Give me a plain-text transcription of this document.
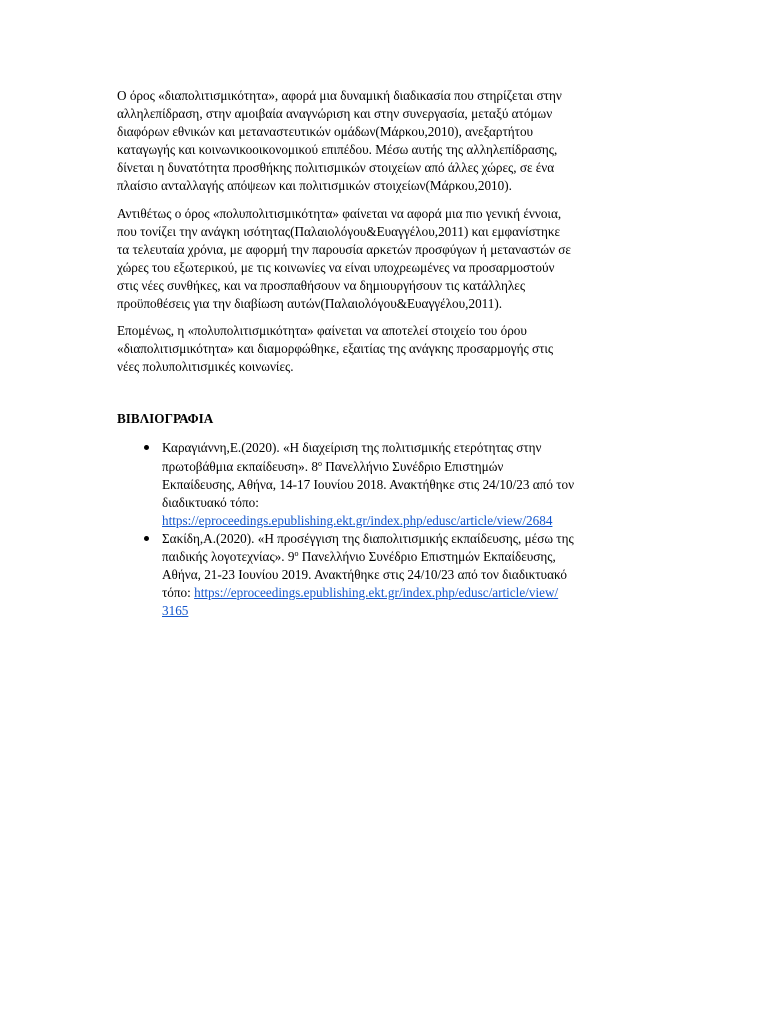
Ο όρος «διαπολιτισμικότητα», αφορά μια δυναμική διαδικασία που στηρίζεται στην
αλληλεπίδραση, στην αμοιβαία αναγνώριση και στην συνεργασία, μεταξύ ατόμων
διαφόρων εθνικών και μεταναστευτικών ομάδων(Μάρκου,2010), ανεξαρτήτου
καταγωγής και κοινωνικοοικονομικού επιπέδου. Μέσω αυτής της αλληλεπίδρασης,
δίνεται η δυνατότητα προσθήκης πολιτισμικών στοιχείων από άλλες χώρες, σε ένα
πλαίσιο ανταλλαγής απόψεων και πολιτισμικών στοιχείων(Μάρκου,2010).

Αντιθέτως ο όρος «πολυπολιτισμικότητα» φαίνεται να αφορά μια πιο γενική έννοια,
που τονίζει την ανάγκη ισότητας(Παλαιολόγου&Ευαγγέλου,2011) και εμφανίστηκε
τα τελευταία χρόνια, με αφορμή την παρουσία αρκετών προσφύγων ή μεταναστών σε
χώρες του εξωτερικού, με τις κοινωνίες να είναι υποχρεωμένες να προσαρμοστούν
στις νέες συνθήκες, και να προσπαθήσουν να δημιουργήσουν τις κατάλληλες
προϋποθέσεις για την διαβίωση αυτών(Παλαιολόγου&Ευαγγέλου,2011).

Επομένως, η «πολυπολιτισμικότητα» φαίνεται να αποτελεί στοιχείο του όρου
«διαπολιτισμικότητα» και διαμορφώθηκε, εξαιτίας της ανάγκης προσαρμογής στις
νέες πολυπολιτισμικές κοινωνίες.

ΒΙΒΛΙΟΓΡΑΦΙΑ
Καραγιάννη,Ε.(2020). «Η διαχείριση της πολιτισμικής ετερότητας στην
πρωτοβάθμια εκπαίδευση». $8^o$ Πανελλήνιο Συνέδριο Επιστημών
Εκπαίδευσης, Αθήνα, 14-17 Ιουνίου 2018. Ανακτήθηκε στις 24/10/23 από τον
διαδικτυακό τόπο:
https://eproceedings.epublishing.ekt.gr/index.php/edusc/article/view/2684
Σακίδη,Α.(2020). «Η προσέγγιση της διαπολιτισμικής εκπαίδευσης, μέσω της
παιδικής λογοτεχνίας». $9^o$ Πανελλήνιο Συνέδριο Επιστημών Εκπαίδευσης,
Αθήνα, 21-23 Ιουνίου 2019. Ανακτήθηκε στις 24/10/23 από τον διαδικτυακό
τόπο: https://eproceedings.epublishing.ekt.gr/index.php/edusc/article/view/
3165
